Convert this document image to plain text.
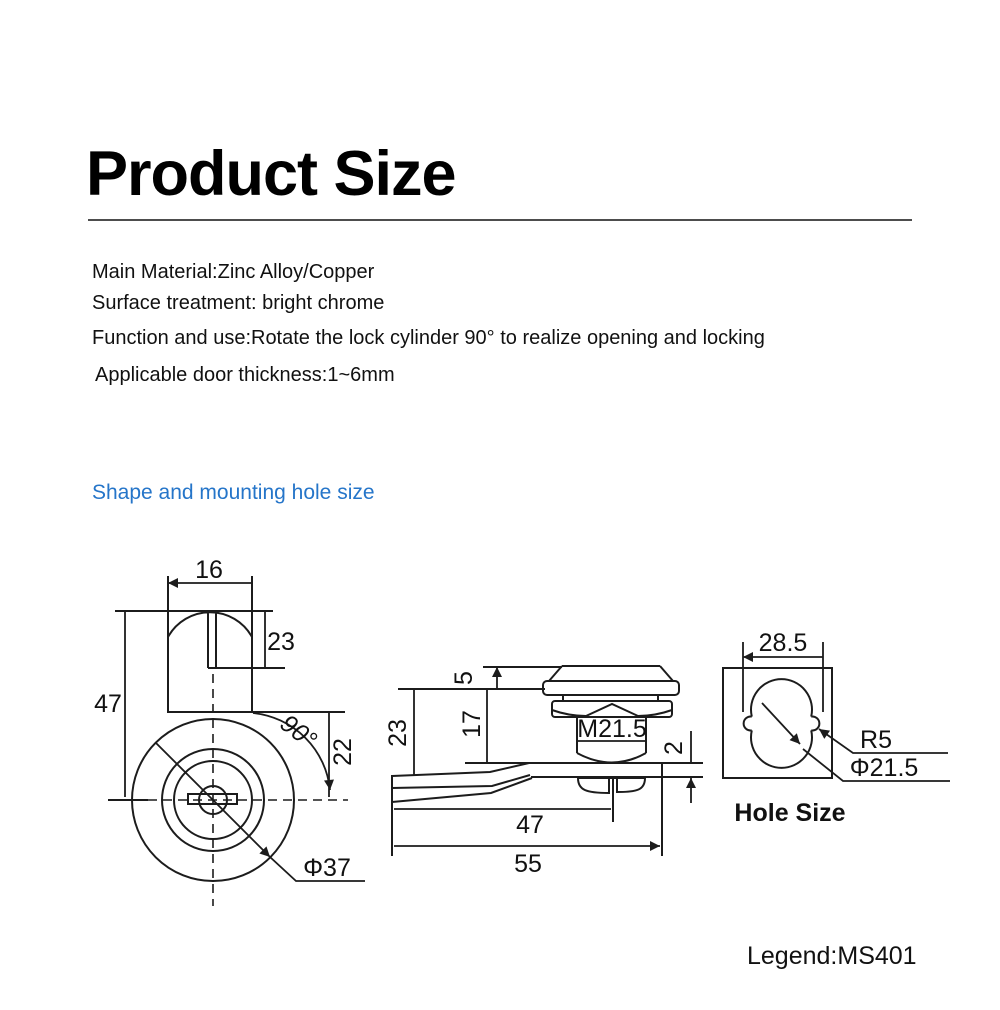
Product Size
Main Material:Zinc Alloy/Copper
Surface treatment: bright chrome
Function and use:Rotate the lock cylinder 90° to realize opening and locking
Applicable door thickness:1~6mm
Shape and mounting hole size
16
23
47
90° 22
Φ37
5
17
23
2
M21.5
47
55
28.5
R5
Φ21.5
Hole Size
Legend:MS401
